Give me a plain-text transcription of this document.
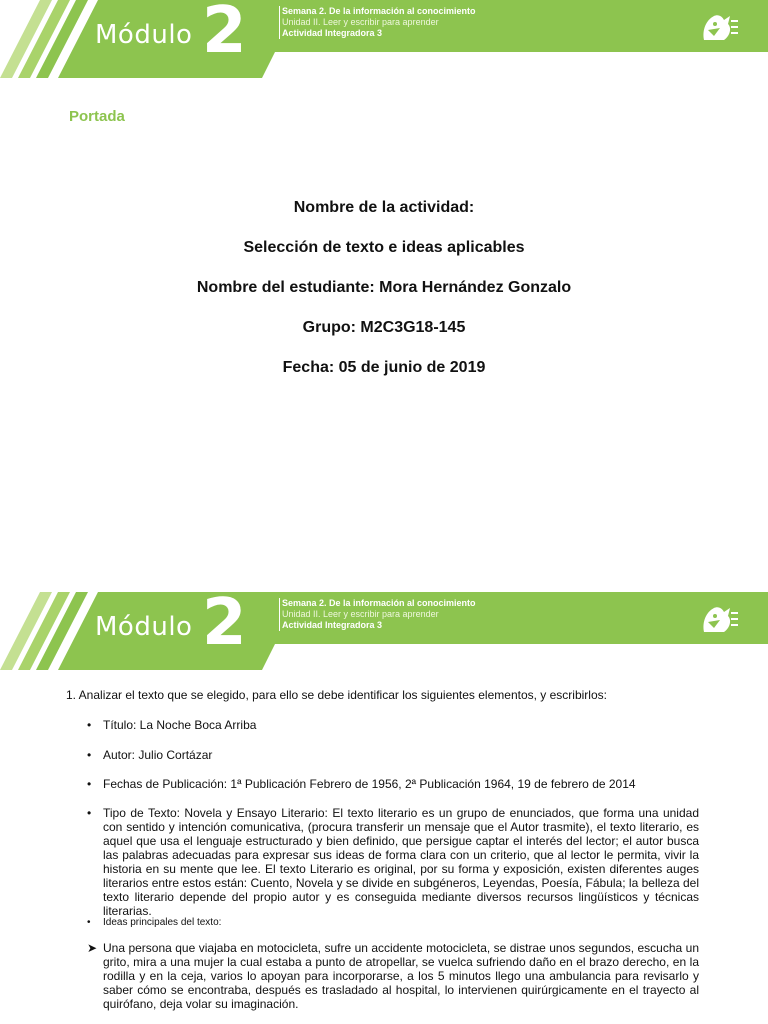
Módulo 2	Semana 2. De la información al conocimiento
Unidad II. Leer y escribir para aprender
Actividad Integradora 3
Portada
Nombre de la actividad:
Selección de texto e ideas aplicables
Nombre del estudiante: Mora Hernández Gonzalo
Grupo: M2C3G18-145
Fecha: 05 de junio de 2019
Módulo 2	Semana 2. De la información al conocimiento
Unidad II. Leer y escribir para aprender
Actividad Integradora 3
1. Analizar el texto que se elegido, para ello se debe identificar los siguientes elementos, y escribirlos:
• Título: La Noche Boca Arriba
• Autor: Julio Cortázar
• Fechas de Publicación: 1ª Publicación Febrero de 1956, 2ª Publicación 1964, 19 de febrero de 2014
• Tipo de Texto: Novela y Ensayo Literario: El texto literario es un grupo de enunciados, que forma una unidad con sentido y intención comunicativa, (procura transferir un mensaje que el Autor trasmite), el texto literario, es aquel que usa el lenguaje estructurado y bien definido, que persigue captar el interés del lector; el autor busca las palabras adecuadas para expresar sus ideas de forma clara con un criterio, que al lector le permita, vivir la historia en su mente que lee. El texto Literario es original, por su forma y exposición, existen diferentes auges literarios entre estos están: Cuento, Novela y se divide en subgéneros, Leyendas, Poesía, Fábula; la belleza del texto literario depende del propio autor y es conseguida mediante diversos recursos lingüísticos y técnicas literarias.
• Ideas principales del texto:
➤ Una persona que viajaba en motocicleta, sufre un accidente motocicleta, se distrae unos segundos, escucha un grito, mira a una mujer la cual estaba a punto de atropellar, se vuelca sufriendo daño en el brazo derecho, en la rodilla y en la ceja, varios lo apoyan para incorporarse, a los 5 minutos llego una ambulancia para revisarlo y saber cómo se encontraba, después es trasladado al hospital, lo intervienen quirúrgicamente en el trayecto al quirófano, deja volar su imaginación.
